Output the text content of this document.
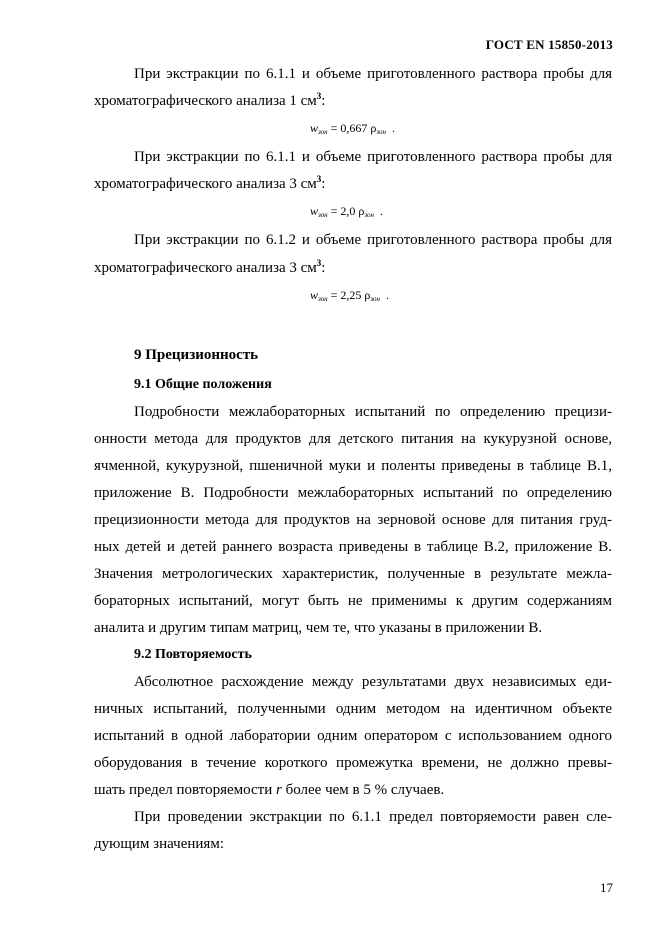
ГОСТ EN 15850-2013
При экстракции по 6.1.1 и объеме приготовленного раствора пробы для
хроматографического анализа 1 $см^3$:
wзон = 0,667 ρзон .
При экстракции по 6.1.1 и объеме приготовленного раствора пробы для
хроматографического анализа 3 $см^3$:
wзон = 2,0 ρзон .
При экстракции по 6.1.2 и объеме приготовленного раствора пробы для
хроматографического анализа 3 $см^3$:
wзон = 2,25 ρзон .
9 Прецизионность
9.1 Общие положения
Подробности межлабораторных испытаний по определению прецизи-
онности метода для продуктов для детского питания на кукурузной основе,
ячменной, кукурузной, пшеничной муки и поленты приведены в таблице В.1,
приложение В. Подробности межлабораторных испытаний по определению
прецизионности метода для продуктов на зерновой основе для питания груд-
ных детей и детей раннего возраста приведены в таблице В.2, приложение В.
Значения метрологических характеристик, полученные в результате межла-
бораторных испытаний, могут быть не применимы к другим содержаниям
аналита и другим типам матриц, чем те, что указаны в приложении В.
9.2 Повторяемость
Абсолютное расхождение между результатами двух независимых еди-
ничных испытаний, полученными одним методом на идентичном объекте
испытаний в одной лаборатории одним оператором с использованием одного
оборудования в течение короткого промежутка времени, не должно превы-
шать предел повторяемости r более чем в 5 % случаев.
При проведении экстракции по 6.1.1 предел повторяемости равен сле-
дующим значениям:
17
